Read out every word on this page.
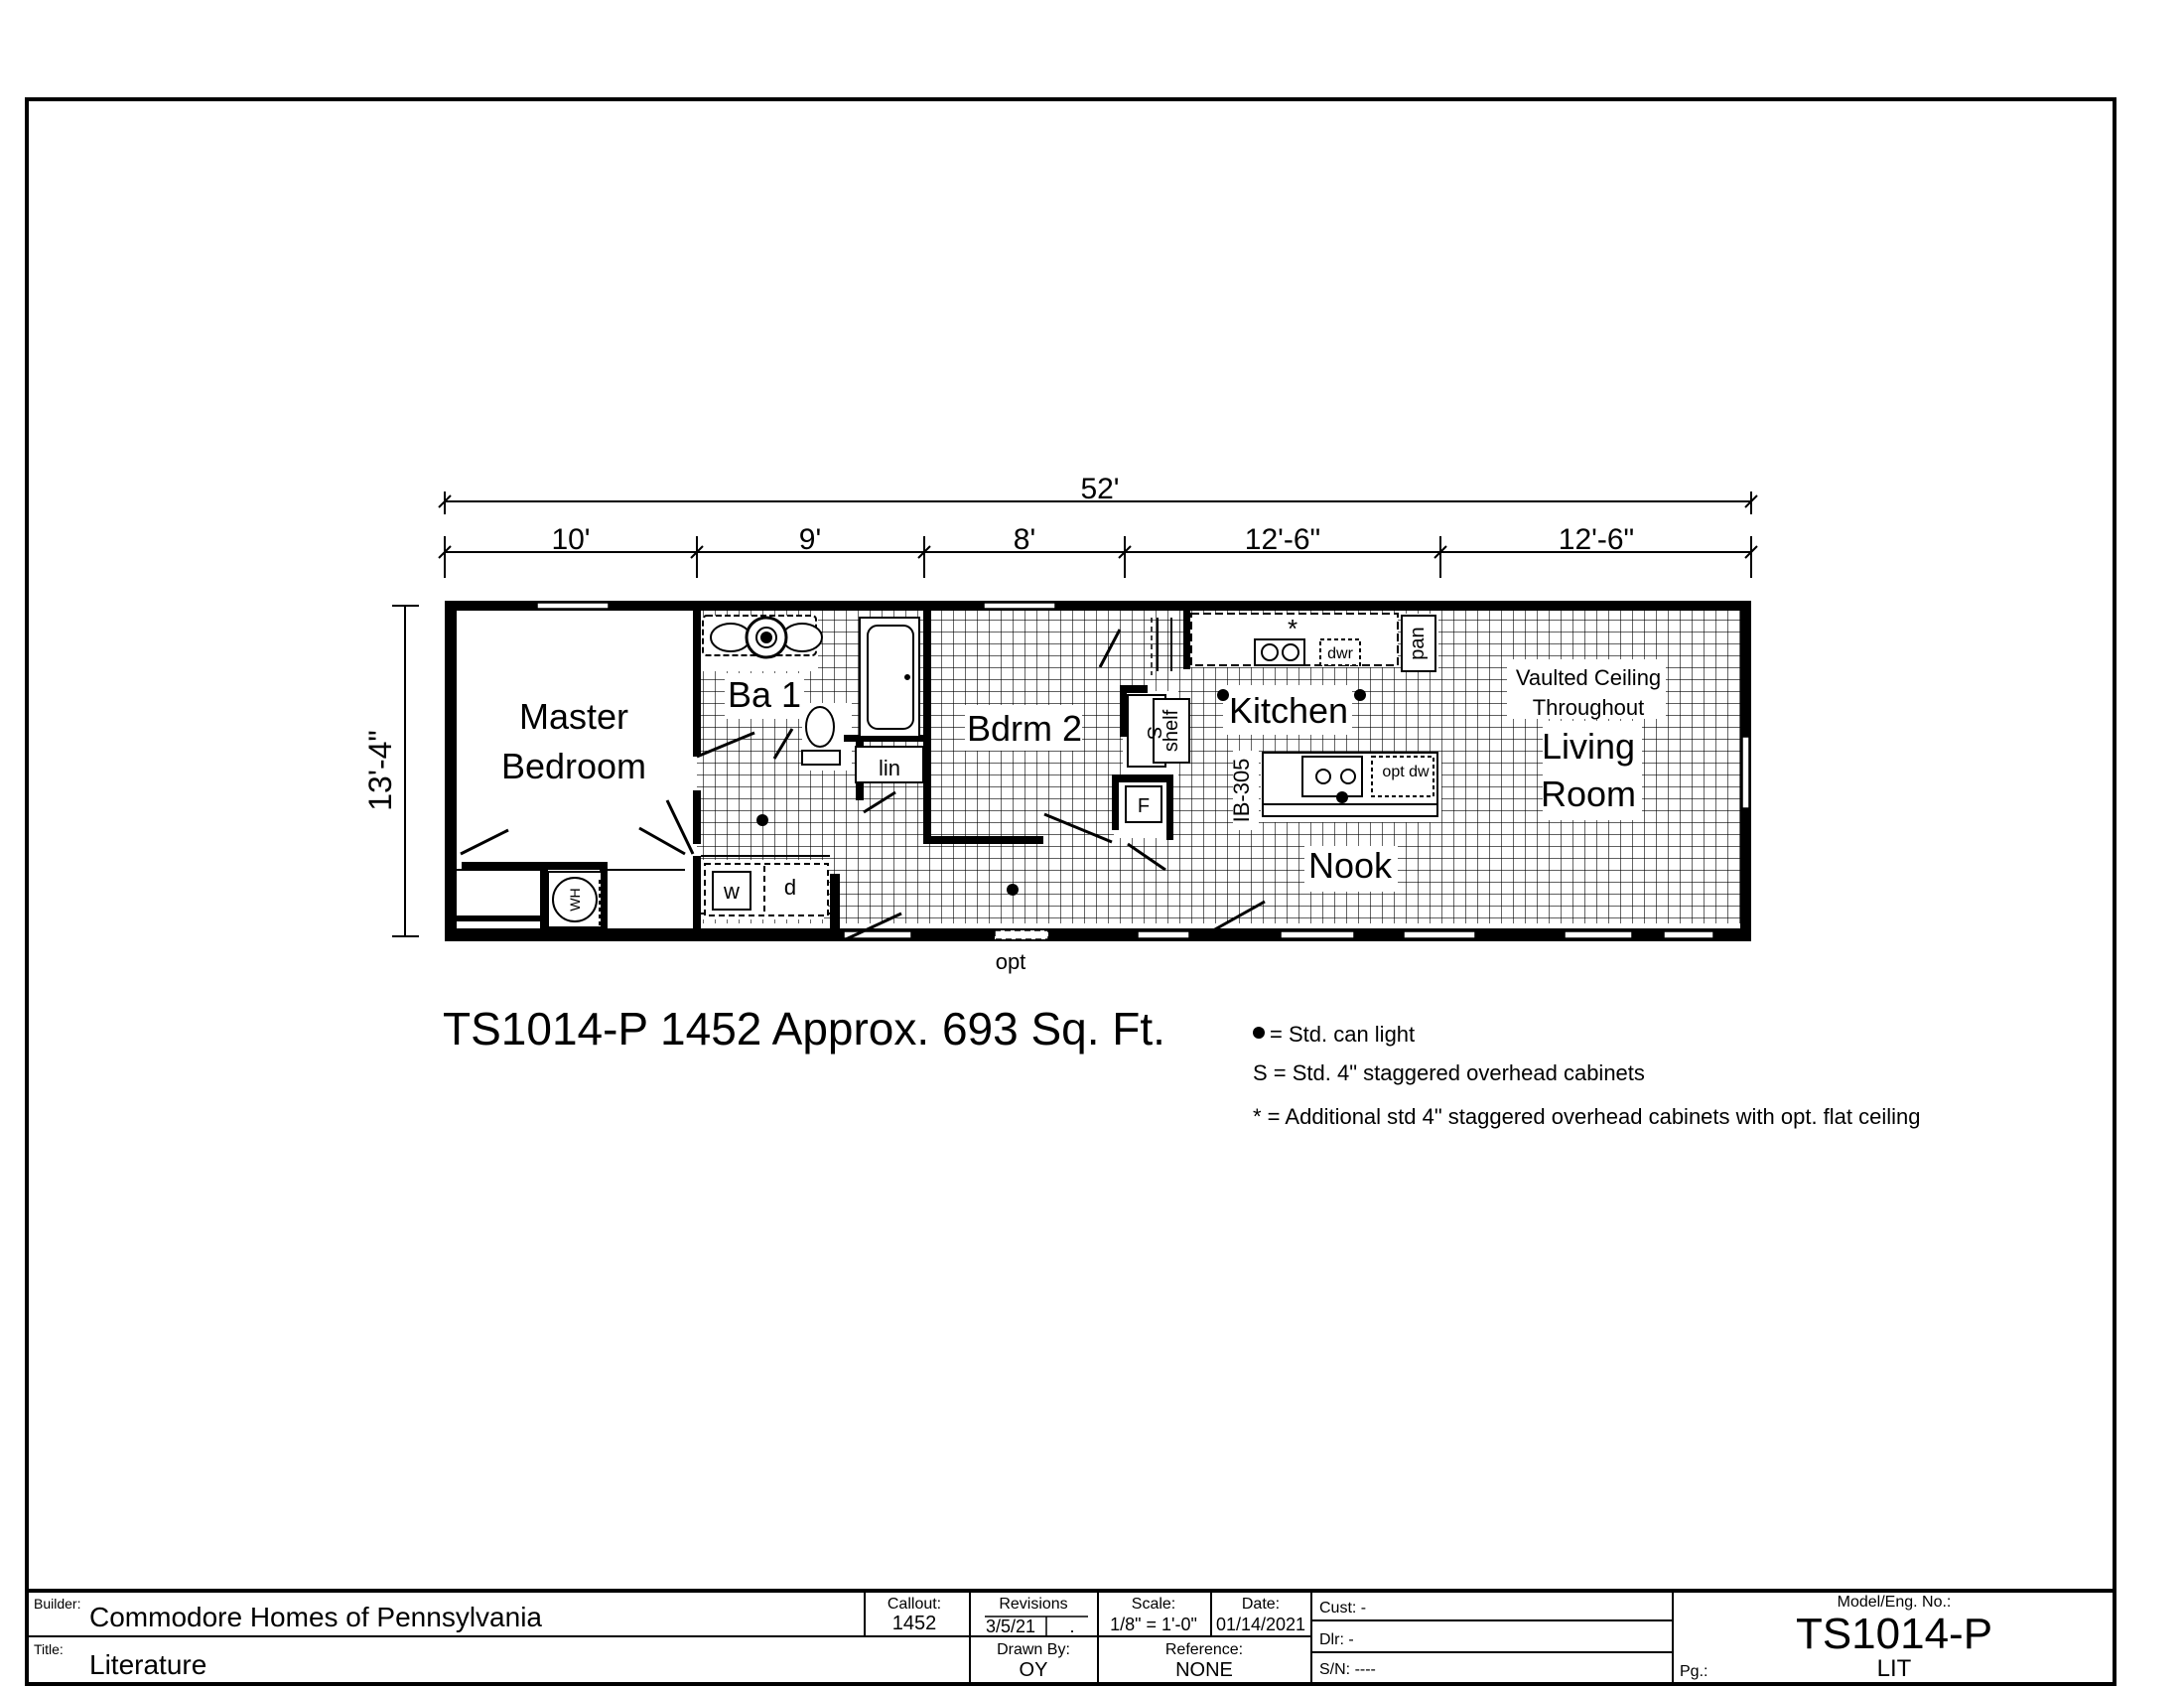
52'
10'	9'	8'	12'-6"	12'-6"
13'-4"
opt
lin
w d
WH
S
shelf
F
*
dwr	pan
opt dw
IB-305
Master
Bedroom
Ba 1
Bdrm 2	Kitchen
Vaulted Ceiling
Throughout
Living
Room
Nook
TS1014-P 1452 Approx. 693 Sq. Ft.	= Std. can light
S = Std. 4" staggered overhead cabinets
* = Additional std 4" staggered overhead cabinets with opt. flat ceiling
Builder: Commodore Homes of Pennsylvania
Title: Literature
Callout:
1452
Revisions
3/5/21 .
Drawn By:
OY
Scale:
1/8" = 1'-0"
Date:
01/14/2021
Reference:
NONE
Cust: -
Dlr: -
S/N: ----
Model/Eng. No.:
TS1014-P
Pg.:	LIT
